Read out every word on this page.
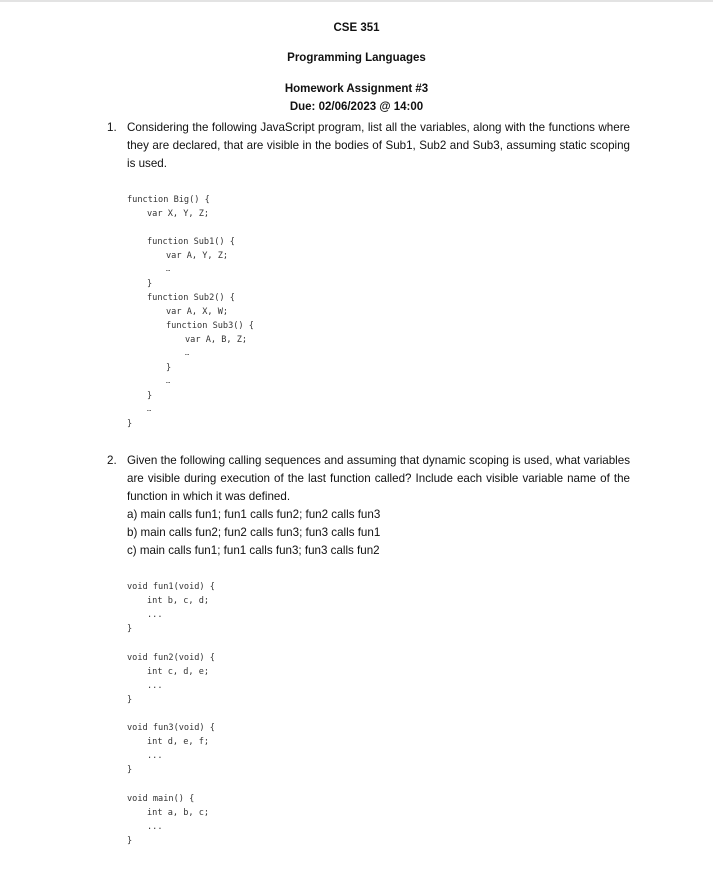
CSE 351
Programming Languages
Homework Assignment #3
Due: 02/06/2023 @ 14:00
1. Considering the following JavaScript program, list all the variables, along with the functions where they are declared, that are visible in the bodies of Sub1, Sub2 and Sub3, assuming static scoping is used.
function Big() {
var X, Y, Z;
function Sub1() {
var A, Y, Z;
…
}
function Sub2() {
var A, X, W;
function Sub3() {
var A, B, Z;
…
}
…
}
…
}
2. Given the following calling sequences and assuming that dynamic scoping is used, what variables are visible during execution of the last function called? Include each visible variable name of the function in which it was defined.
a) main calls fun1; fun1 calls fun2; fun2 calls fun3
b) main calls fun2; fun2 calls fun3; fun3 calls fun1
c) main calls fun1; fun1 calls fun3; fun3 calls fun2
void fun1(void) {
int b, c, d;
...
}
void fun2(void) {
int c, d, e;
...
}
void fun3(void) {
int d, e, f;
...
}
void main() {
int a, b, c;
...
}
